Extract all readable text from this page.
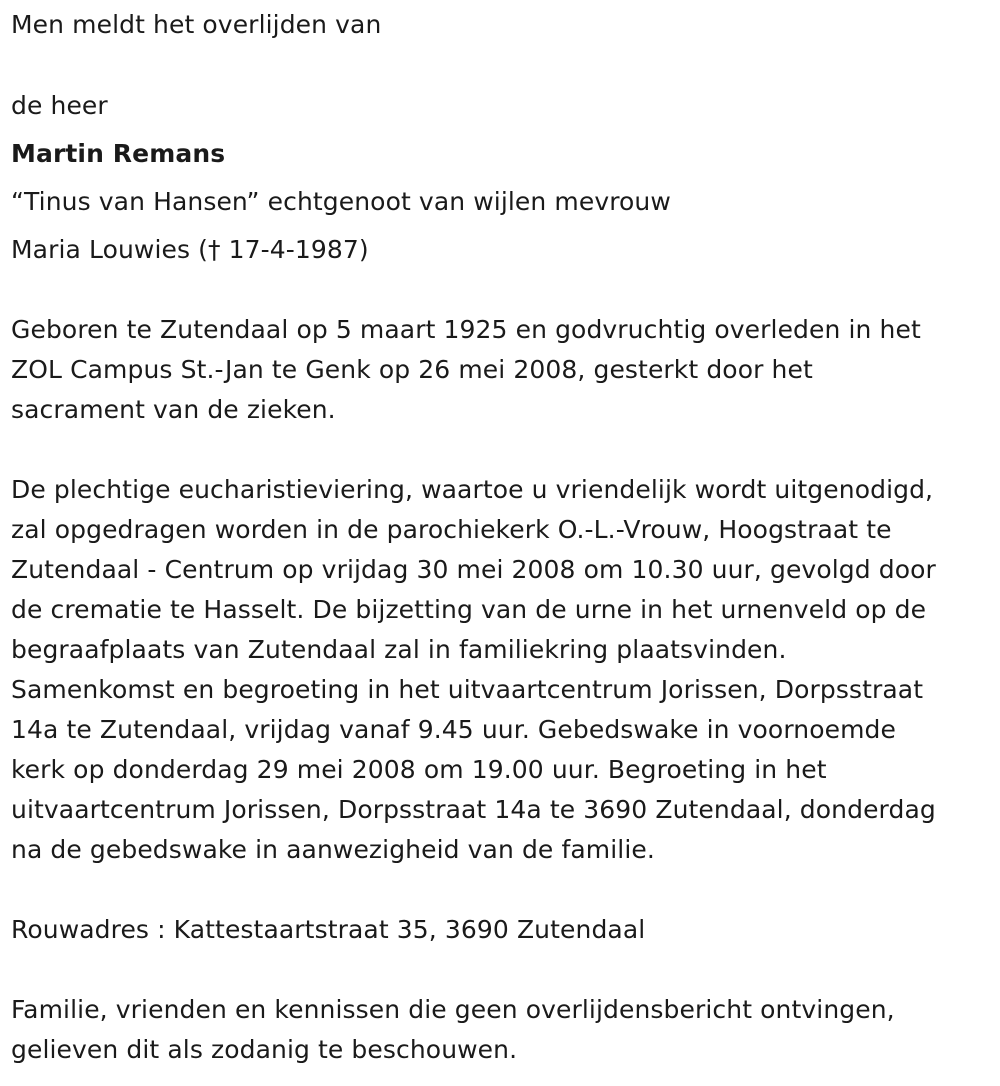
Men meldt het overlijden van

de heer

Martin Remans

“Tinus van Hansen” echtgenoot van wijlen mevrouw

Maria Louwies († 17-4-1987)

Geboren te Zutendaal op 5 maart 1925 en godvruchtig overleden in het
ZOL Campus St.-Jan te Genk op 26 mei 2008, gesterkt door het
sacrament van de zieken.
De plechtige eucharistieviering, waartoe u vriendelijk wordt uitgenodigd,
zal opgedragen worden in de parochiekerk O.-L.-Vrouw, Hoogstraat te
Zutendaal - Centrum op vrijdag 30 mei 2008 om 10.30 uur, gevolgd door
de crematie te Hasselt. De bijzetting van de urne in het urnenveld op de
begraafplaats van Zutendaal zal in familiekring plaatsvinden.
Samenkomst en begroeting in het uitvaartcentrum Jorissen, Dorpsstraat
14a te Zutendaal, vrijdag vanaf 9.45 uur. Gebedswake in voornoemde
kerk op donderdag 29 mei 2008 om 19.00 uur. Begroeting in het
uitvaartcentrum Jorissen, Dorpsstraat 14a te 3690 Zutendaal, donderdag
na de gebedswake in aanwezigheid van de familie.

Rouwadres : Kattestaartstraat 35, 3690 Zutendaal

Familie, vrienden en kennissen die geen overlijdensbericht ontvingen,
gelieven dit als zodanig te beschouwen.
